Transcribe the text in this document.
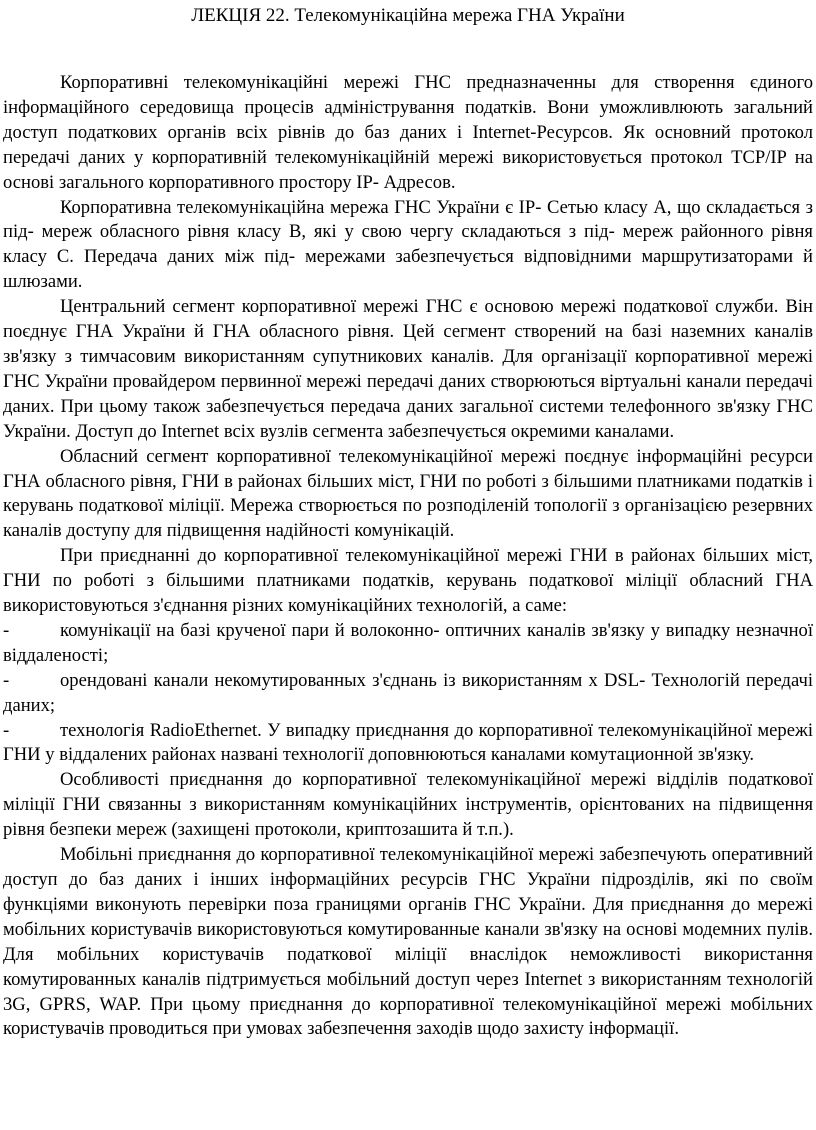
ЛЕКЦІЯ 22. Телекомунікаційна мережа ГНА України

Корпоративні телекомунікаційні мережі ГНС предназначенны для створення єдиного інформаційного середовища процесів адміністрування податків. Вони уможливлюють загальний доступ податкових органів всіх рівнів до баз даних і Internet-Ресурсов. Як основний протокол передачі даних у корпоративній телекомунікаційній мережі використовується протокол TCP/IP на основі загального корпоративного простору IP- Адресов.

Корпоративна телекомунікаційна мережа ГНС України є IP- Сетью класу А, що складається з під- мереж обласного рівня класу В, які у свою чергу складаються з під- мереж районного рівня класу С. Передача даних між під- мережами забезпечується відповідними маршрутизаторами й шлюзами.

Центральний сегмент корпоративної мережі ГНС є основою мережі податкової служби. Він поєднує ГНА України й ГНА обласного рівня. Цей сегмент створений на базі наземних каналів зв'язку з тимчасовим використанням супутникових каналів. Для організації корпоративної мережі ГНС України провайдером первинної мережі передачі даних створюються віртуальні канали передачі даних. При цьому також забезпечується передача даних загальної системи телефонного зв'язку ГНС України. Доступ до Internet всіх вузлів сегмента забезпечується окремими каналами.

Обласний сегмент корпоративної телекомунікаційної мережі поєднує інформаційні ресурси ГНА обласного рівня, ГНИ в районах більших міст, ГНИ по роботі з більшими платниками податків і керувань податкової міліції. Мережа створюється по розподіленій топології з організацією резервних каналів доступу для підвищення надійності комунікацій.

При приєднанні до корпоративної телекомунікаційної мережі ГНИ в районах більших міст, ГНИ по роботі з більшими платниками податків, керувань податкової міліції обласний ГНА використовуються з'єднання різних комунікаційних технологій, а саме:

-	комунікації на базі крученої пари й волоконно- оптичних каналів зв'язку у випадку незначної віддаленості;

-	орендовані канали некомутированных з'єднань із використанням х DSL- Технологій передачі даних;

-	технологія RadioEthernet. У випадку приєднання до корпоративної телекомунікаційної мережі ГНИ у віддалених районах названі технології доповнюються каналами комутационной зв'язку.

Особливості приєднання до корпоративної телекомунікаційної мережі відділів податкової міліції ГНИ связанны з використанням комунікаційних інструментів, орієнтованих на підвищення рівня безпеки мереж (захищені протоколи, криптозашита й т.п.).

Мобільні приєднання до корпоративної телекомунікаційної мережі забезпечують оперативний доступ до баз даних і інших інформаційних ресурсів ГНС України підрозділів, які по своїм функціями виконують перевірки поза границями органів ГНС України. Для приєднання до мережі мобільних користувачів використовуються комутированные канали зв'язку на основі модемних пулів. Для мобільних користувачів податкової міліції внаслідок неможливості використання комутированных каналів підтримується мобільний доступ через Internet з використанням технологій 3G, GPRS, WAP. При цьому приєднання до корпоративної телекомунікаційної мережі мобільних користувачів проводиться при умовах забезпечення заходів щодо захисту інформації.
